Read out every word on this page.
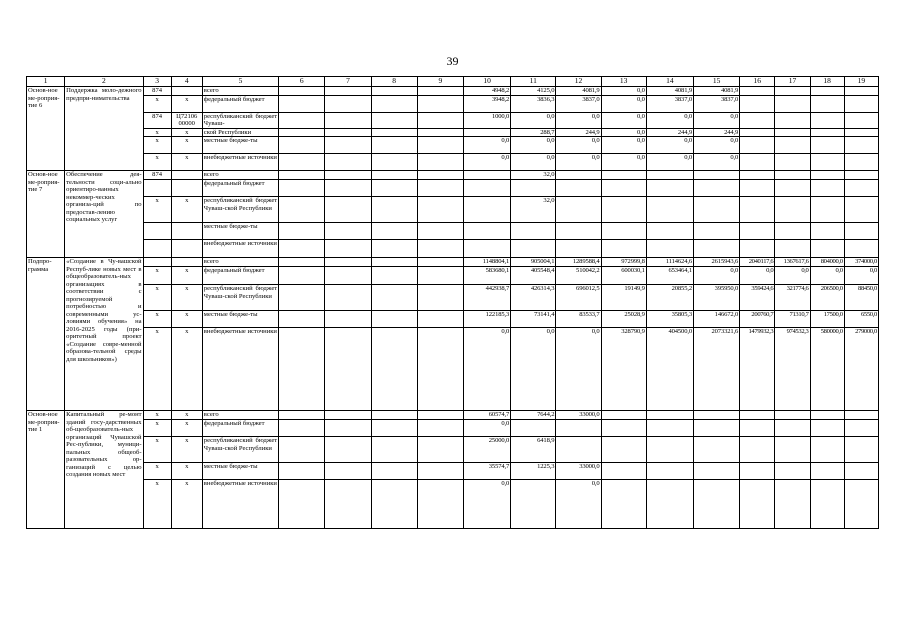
39
1	2	3	4	5	6	7	8	9	10	11	12	13	14	15	16	17	18	19
Основ-ное ме-роприя-тие 6	Поддержка моло-дежного предпри-нимательства	874		всего					4948,2	4125,0	4081,9	0,0	4081,9	4081,9				
		x	x	федеральный бюджет					3948,2	3836,3	3837,0	0,0	3837,0	3837,0				
		874	Ц72106 00000	республиканский бюджет Чуваш-					1000,0	0,0	0,0	0,0	0,0	0,0				
		x	x	ской Республики						288,7	244,9	0,0	244,9	244,9				
		x	x	местные бюдже-ты					0,0	0,0	0,0	0,0	0,0	0,0				
		x	x	внебюджетные источники					0,0	0,0	0,0	0,0	0,0	0,0				
Основ-ное ме-роприя-тие 7	Обеспечение дея-тельности соци-ально ориентиро-ванных некоммер-ческих организа-ций по предостав-лению социальных услуг	874		всего						32,0								
				федеральный бюджет														
		x	x	республиканский бюджет Чуваш-ской Республики						32,0								
				местные бюдже-ты														
				внебюджетные источники														
Подпро-грамма	«Создание в Чу-вашской Респуб-лике новых мест в общеобразователь-ных организациях в соответствии с прогнозируемой потребностью и современными ус-ловиями обучения» на 2016-2025 годы (при-оритетный проект «Создание совре-менной образова-тельной среды для школьников»)			всего					1148804,1	905004,1	1289588,4	972999,8	1114624,6	2615943,6	2040117,6	1367617,6	804000,0	374000,0
		x	x	федеральный бюджет					583680,1	405548,4	510042,2	600030,1	653464,1	0,0	0,0	0,0	0,0	0,0
		x	x	республиканский бюджет Чуваш-ской Республики					442938,7	426314,3	696012,5	19149,9	20855,2	395950,0	359424,6	321774,6	206500,0	88450,0
		x	x	местные бюдже-ты					122185,3	73141,4	83533,7	25028,9	35805,3	146672,0	200760,7	71310,7	17500,0	6550,0
		x	x	внебюджетные источники					0,0	0,0	0,0	328790,9	404500,0	2073321,6	1479932,3	974532,3	580000,0	279000,0
Основ-ное ме-роприя-тие 1	Капитальный ре-монт зданий госу-дарственных об-щеобразователь-ных организаций Чувашской Рес-публики, муници-пальных общеоб-разовательных ор-ганизаций с целью создания новых мест	x	x	всего					60574,7	7644,2	33000,0							
		x	x	федеральный бюджет					0,0									
		x	x	республиканский бюджет Чуваш-ской Республики					25000,0	6418,9								
		x	x	местные бюдже-ты					35574,7	1225,3	33000,0							
		x	x	внебюджетные источники					0,0		0,0							
